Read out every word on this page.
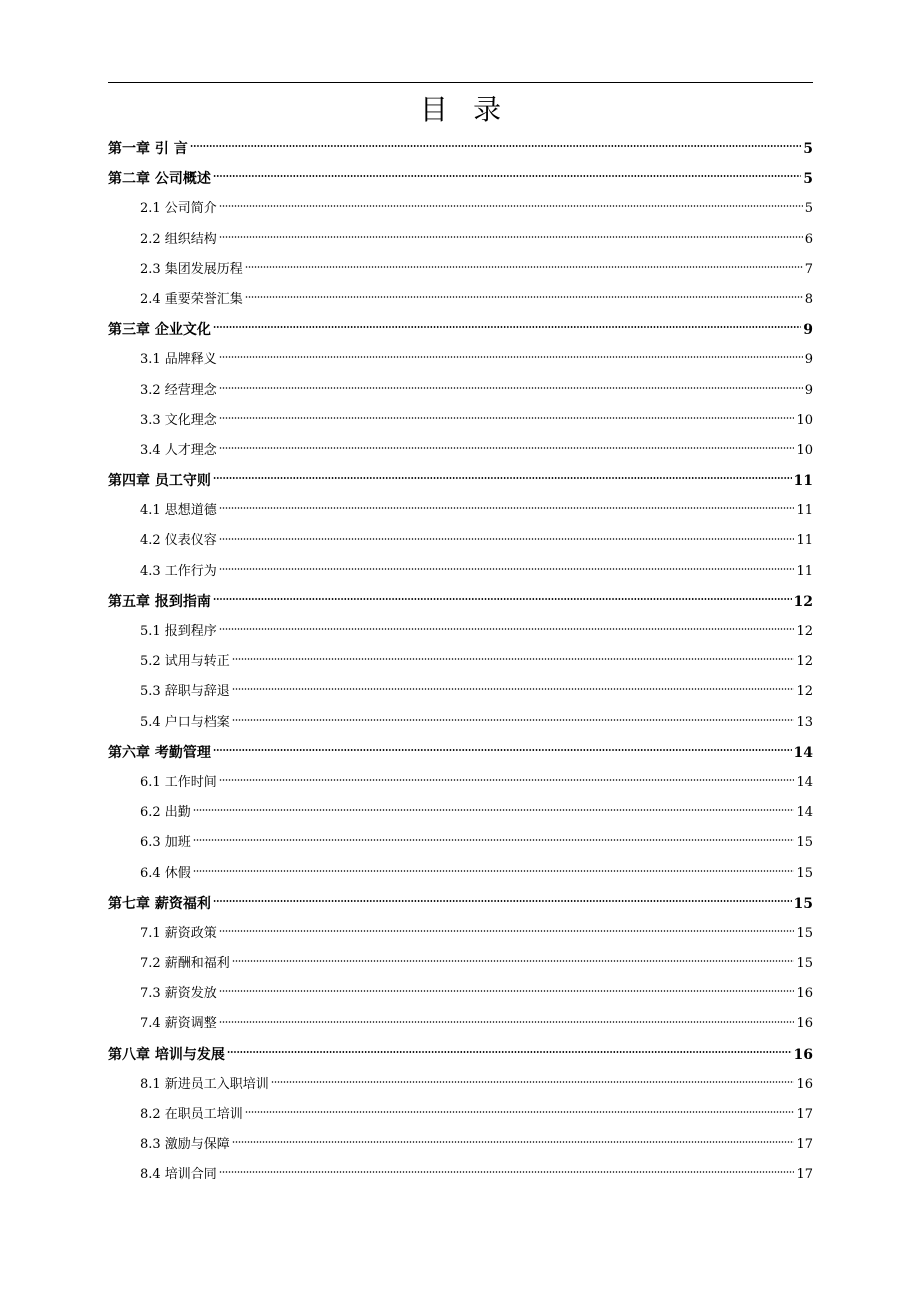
目录
第一章 引 言	5
第二章 公司概述	5
2.1 公司简介	5
2.2 组织结构	6
2.3 集团发展历程	7
2.4 重要荣誉汇集	8
第三章 企业文化	9
3.1 品牌释义	9
3.2 经营理念	9
3.3 文化理念	10
3.4 人才理念	10
第四章 员工守则	11
4.1 思想道德	11
4.2 仪表仪容	11
4.3 工作行为	11
第五章 报到指南	12
5.1 报到程序	12
5.2 试用与转正	12
5.3 辞职与辞退	12
5.4 户口与档案	13
第六章 考勤管理	14
6.1 工作时间	14
6.2 出勤	14
6.3 加班	15
6.4 休假	15
第七章 薪资福利	15
7.1 薪资政策	15
7.2 薪酬和福利	15
7.3 薪资发放	16
7.4 薪资调整	16
第八章 培训与发展	16
8.1 新进员工入职培训	16
8.2 在职员工培训	17
8.3 激励与保障	17
8.4 培训合同	17
